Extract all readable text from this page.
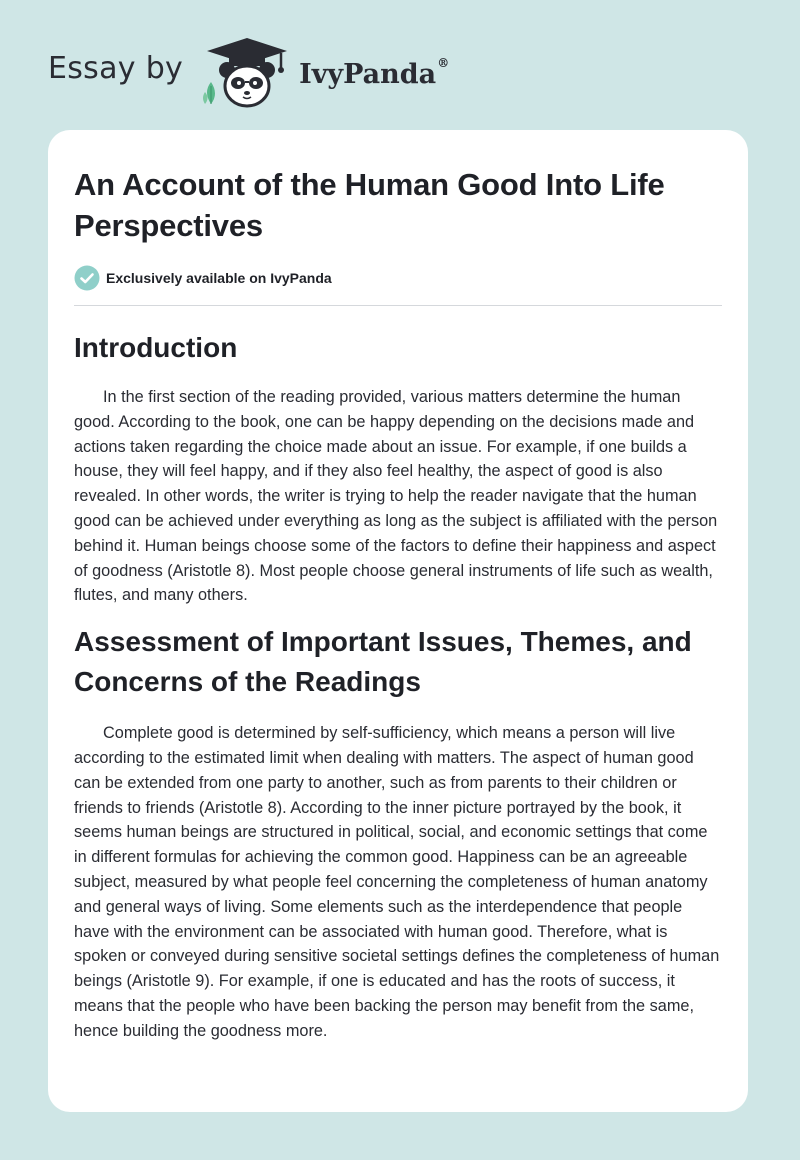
Essay by	IvyPanda®
An Account of the Human Good Into Life Perspectives
Exclusively available on IvyPanda
Introduction

In the first section of the reading provided, various matters determine the human good. According to the book, one can be happy depending on the decisions made and actions taken regarding the choice made about an issue. For example, if one builds a house, they will feel happy, and if they also feel healthy, the aspect of good is also revealed. In other words, the writer is trying to help the reader navigate that the human good can be achieved under everything as long as the subject is affiliated with the person behind it. Human beings choose some of the factors to define their happiness and aspect of goodness (Aristotle 8). Most people choose general instruments of life such as wealth, flutes, and many others.

Assessment of Important Issues, Themes, and Concerns of the Readings

Complete good is determined by self-sufficiency, which means a person will live according to the estimated limit when dealing with matters. The aspect of human good can be extended from one party to another, such as from parents to their children or friends to friends (Aristotle 8). According to the inner picture portrayed by the book, it seems human beings are structured in political, social, and economic settings that come in different formulas for achieving the common good. Happiness can be an agreeable subject, measured by what people feel concerning the completeness of human anatomy and general ways of living. Some elements such as the interdependence that people have with the environment can be associated with human good. Therefore, what is spoken or conveyed during sensitive societal settings defines the completeness of human beings (Aristotle 9). For example, if one is educated and has the roots of success, it means that the people who have been backing the person may benefit from the same, hence building the goodness more.
